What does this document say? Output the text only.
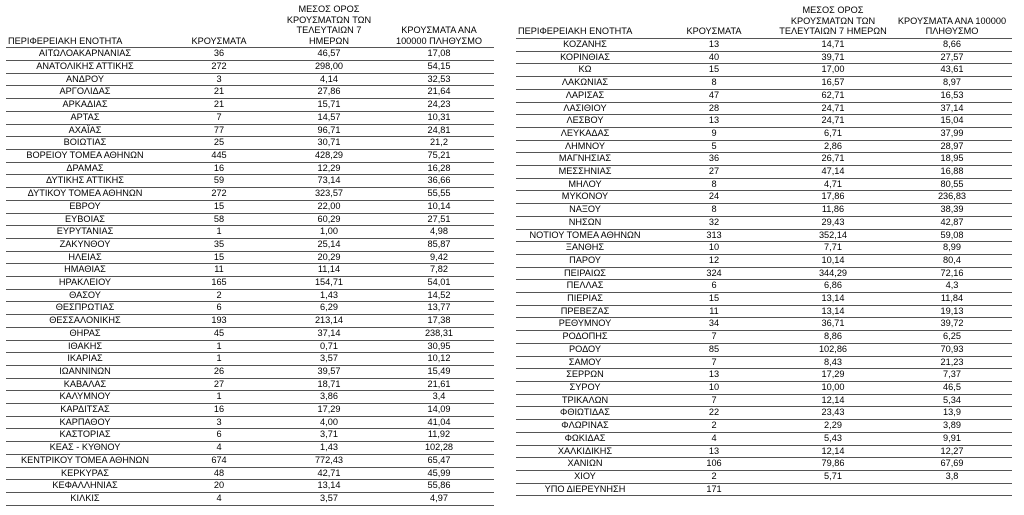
ΠΕΡΙΦΕΡΕΙΑΚΗ ΕΝΟΤΗΤΑ	ΚΡΟΥΣΜΑΤΑ	ΜΕΣΟΣ ΟΡΟΣ ΚΡΟΥΣΜΑΤΩΝ ΤΩΝ ΤΕΛΕΥΤΑΙΩΝ 7 ΗΜΕΡΩΝ	ΚΡΟΥΣΜΑΤΑ ΑΝΑ 100000 ΠΛΗΘΥΣΜΟ
ΑΙΤΩΛΟΑΚΑΡΝΑΝΙΑΣ	36	46,57	17,08
ΑΝΑΤΟΛΙΚΗΣ ΑΤΤΙΚΗΣ	272	298,00	54,15
ΑΝΔΡΟΥ	3	4,14	32,53
ΑΡΓΟΛΙΔΑΣ	21	27,86	21,64
ΑΡΚΑΔΙΑΣ	21	15,71	24,23
ΑΡΤΑΣ	7	14,57	10,31
ΑΧΑΪΑΣ	77	96,71	24,81
ΒΟΙΩΤΙΑΣ	25	30,71	21,2
ΒΟΡΕΙΟΥ ΤΟΜΕΑ ΑΘΗΝΩΝ	445	428,29	75,21
ΔΡΑΜΑΣ	16	12,29	16,28
ΔΥΤΙΚΗΣ ΑΤΤΙΚΗΣ	59	73,14	36,66
ΔΥΤΙΚΟΥ ΤΟΜΕΑ ΑΘΗΝΩΝ	272	323,57	55,55
ΕΒΡΟΥ	15	22,00	10,14
ΕΥΒΟΙΑΣ	58	60,29	27,51
ΕΥΡΥΤΑΝΙΑΣ	1	1,00	4,98
ΖΑΚΥΝΘΟΥ	35	25,14	85,87
ΗΛΕΙΑΣ	15	20,29	9,42
ΗΜΑΘΙΑΣ	11	11,14	7,82
ΗΡΑΚΛΕΙΟΥ	165	154,71	54,01
ΘΑΣΟΥ	2	1,43	14,52
ΘΕΣΠΡΩΤΙΑΣ	6	6,29	13,77
ΘΕΣΣΑΛΟΝΙΚΗΣ	193	213,14	17,38
ΘΗΡΑΣ	45	37,14	238,31
ΙΘΑΚΗΣ	1	0,71	30,95
ΙΚΑΡΙΑΣ	1	3,57	10,12
ΙΩΑΝΝΙΝΩΝ	26	39,57	15,49
ΚΑΒΑΛΑΣ	27	18,71	21,61
ΚΑΛΥΜΝΟΥ	1	3,86	3,4
ΚΑΡΔΙΤΣΑΣ	16	17,29	14,09
ΚΑΡΠΑΘΟΥ	3	4,00	41,04
ΚΑΣΤΟΡΙΑΣ	6	3,71	11,92
ΚΕΑΣ - ΚΥΘΝΟΥ	4	1,43	102,28
ΚΕΝΤΡΙΚΟΥ ΤΟΜΕΑ ΑΘΗΝΩΝ	674	772,43	65,47
ΚΕΡΚΥΡΑΣ	48	42,71	45,99
ΚΕΦΑΛΛΗΝΙΑΣ	20	13,14	55,86
ΚΙΛΚΙΣ	4	3,57	4,97
ΠΕΡΙΦΕΡΕΙΑΚΗ ΕΝΟΤΗΤΑ	ΚΡΟΥΣΜΑΤΑ	ΜΕΣΟΣ ΟΡΟΣ ΚΡΟΥΣΜΑΤΩΝ ΤΩΝ ΤΕΛΕΥΤΑΙΩΝ 7 ΗΜΕΡΩΝ	ΚΡΟΥΣΜΑΤΑ ΑΝΑ 100000 ΠΛΗΘΥΣΜΟ
ΚΟΖΑΝΗΣ	13	14,71	8,66
ΚΟΡΙΝΘΙΑΣ	40	39,71	27,57
ΚΩ	15	17,00	43,61
ΛΑΚΩΝΙΑΣ	8	16,57	8,97
ΛΑΡΙΣΑΣ	47	62,71	16,53
ΛΑΣΙΘΙΟΥ	28	24,71	37,14
ΛΕΣΒΟΥ	13	24,71	15,04
ΛΕΥΚΑΔΑΣ	9	6,71	37,99
ΛΗΜΝΟΥ	5	2,86	28,97
ΜΑΓΝΗΣΙΑΣ	36	26,71	18,95
ΜΕΣΣΗΝΙΑΣ	27	47,14	16,88
ΜΗΛΟΥ	8	4,71	80,55
ΜΥΚΟΝΟΥ	24	17,86	236,83
ΝΑΞΟΥ	8	11,86	38,39
ΝΗΣΩΝ	32	29,43	42,87
ΝΟΤΙΟΥ ΤΟΜΕΑ ΑΘΗΝΩΝ	313	352,14	59,08
ΞΑΝΘΗΣ	10	7,71	8,99
ΠΑΡΟΥ	12	10,14	80,4
ΠΕΙΡΑΙΩΣ	324	344,29	72,16
ΠΕΛΛΑΣ	6	6,86	4,3
ΠΙΕΡΙΑΣ	15	13,14	11,84
ΠΡΕΒΕΖΑΣ	11	13,14	19,13
ΡΕΘΥΜΝΟΥ	34	36,71	39,72
ΡΟΔΟΠΗΣ	7	8,86	6,25
ΡΟΔΟΥ	85	102,86	70,93
ΣΑΜΟΥ	7	8,43	21,23
ΣΕΡΡΩΝ	13	17,29	7,37
ΣΥΡΟΥ	10	10,00	46,5
ΤΡΙΚΑΛΩΝ	7	12,14	5,34
ΦΘΙΩΤΙΔΑΣ	22	23,43	13,9
ΦΛΩΡΙΝΑΣ	2	2,29	3,89
ΦΩΚΙΔΑΣ	4	5,43	9,91
ΧΑΛΚΙΔΙΚΗΣ	13	12,14	12,27
ΧΑΝΙΩΝ	106	79,86	67,69
ΧΙΟΥ	2	5,71	3,8
ΥΠΟ ΔΙΕΡΕΥΝΗΣΗ	171		
